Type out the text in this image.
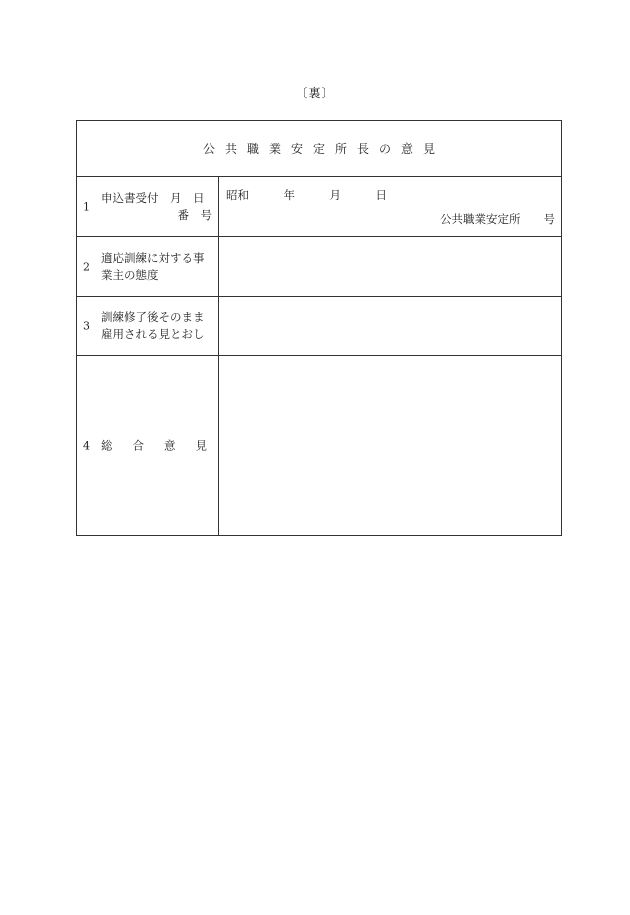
〔裏〕
公共職業安定所長の意見
1
申込書受付　月　日
番　号
昭和　　　年　　　月　　　日
公共職業安定所　　号
2
適応訓練に対する事
業主の態度
3
訓練修了後そのまま
雇用される見とおし
4 総合意見
